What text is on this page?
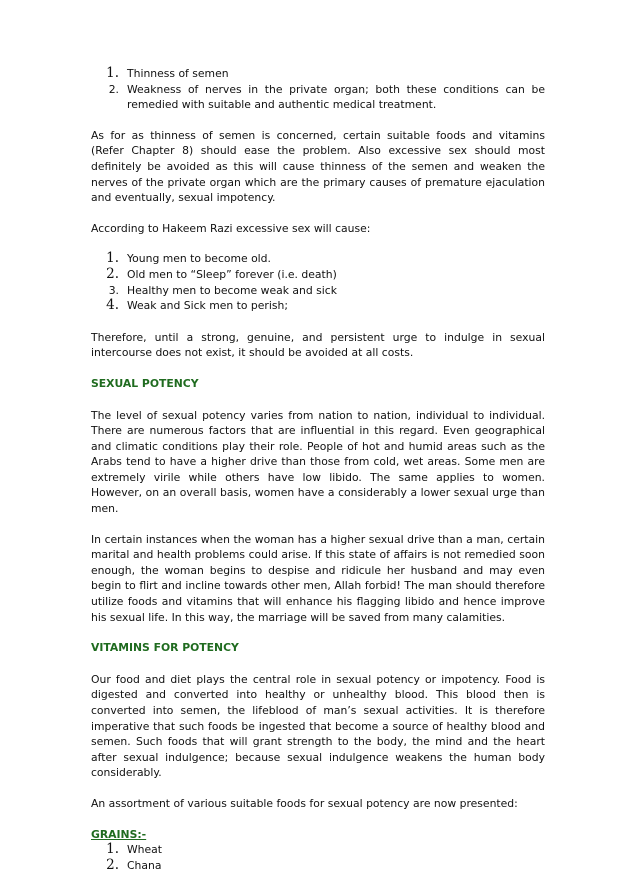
1. Thinness of semen
2. Weakness of nerves in the private organ; both these conditions can be remedied with suitable and authentic medical treatment.

As for as thinness of semen is concerned, certain suitable foods and vitamins (Refer Chapter 8) should ease the problem. Also excessive sex should most definitely be avoided as this will cause thinness of the semen and weaken the nerves of the private organ which are the primary causes of premature ejaculation and eventually, sexual impotency.

According to Hakeem Razi excessive sex will cause:

1. Young men to become old.
2. Old men to “Sleep” forever (i.e. death)
3. Healthy men to become weak and sick
4. Weak and Sick men to perish;

Therefore, until a strong, genuine, and persistent urge to indulge in sexual intercourse does not exist, it should be avoided at all costs.

SEXUAL POTENCY

The level of sexual potency varies from nation to nation, individual to individual. There are numerous factors that are influential in this regard. Even geographical and climatic conditions play their role. People of hot and humid areas such as the Arabs tend to have a higher drive than those from cold, wet areas. Some men are extremely virile while others have low libido. The same applies to women. However, on an overall basis, women have a considerably a lower sexual urge than men.

In certain instances when the woman has a higher sexual drive than a man, certain marital and health problems could arise. If this state of affairs is not remedied soon enough, the woman begins to despise and ridicule her husband and may even begin to flirt and incline towards other men, Allah forbid! The man should therefore utilize foods and vitamins that will enhance his flagging libido and hence improve his sexual life. In this way, the marriage will be saved from many calamities.

VITAMINS FOR POTENCY

Our food and diet plays the central role in sexual potency or impotency. Food is digested and converted into healthy or unhealthy blood. This blood then is converted into semen, the lifeblood of man’s sexual activities. It is therefore imperative that such foods be ingested that become a source of healthy blood and semen. Such foods that will grant strength to the body, the mind and the heart after sexual indulgence; because sexual indulgence weakens the human body considerably.

An assortment of various suitable foods for sexual potency are now presented:

GRAINS:-
1. Wheat
2. Chana
